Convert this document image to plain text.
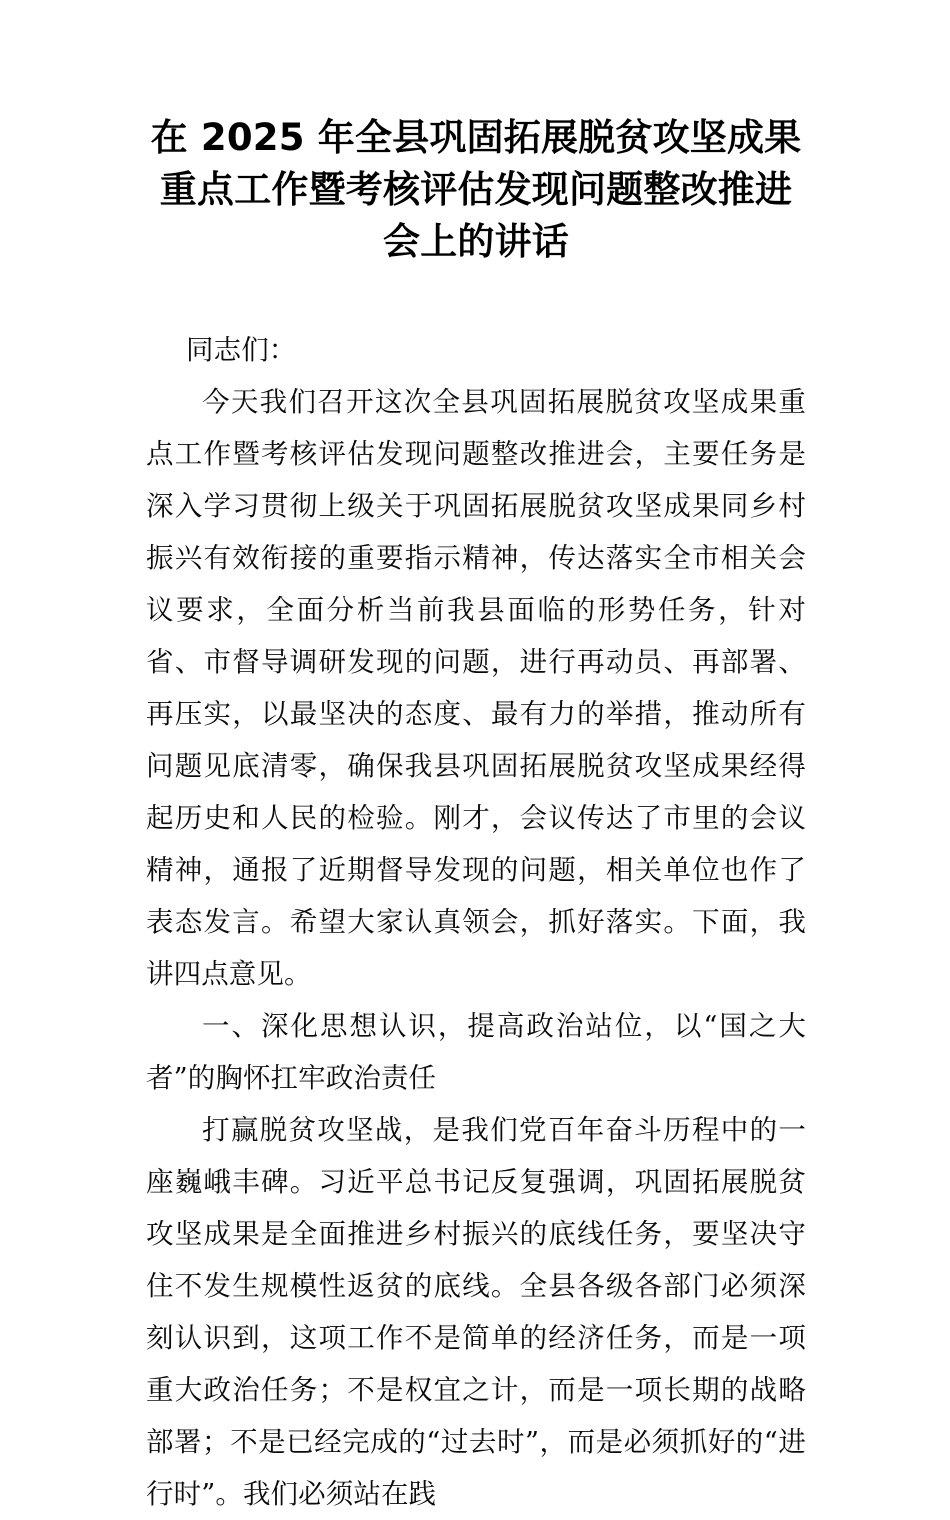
在 2025 年全县巩固拓展脱贫攻坚成果重点工作暨考核评估发现问题整改推进会上的讲话

同志们：

今天我们召开这次全县巩固拓展脱贫攻坚成果重点工作暨考核评估发现问题整改推进会，主要任务是深入学习贯彻上级关于巩固拓展脱贫攻坚成果同乡村振兴有效衔接的重要指示精神，传达落实全市相关会议要求，全面分析当前我县面临的形势任务，针对省、市督导调研发现的问题，进行再动员、再部署、再压实，以最坚决的态度、最有力的举措，推动所有问题见底清零，确保我县巩固拓展脱贫攻坚成果经得起历史和人民的检验。刚才，会议传达了市里的会议精神，通报了近期督导发现的问题，相关单位也作了表态发言。希望大家认真领会，抓好落实。下面，我讲四点意见。

一、深化思想认识，提高政治站位，以“国之大者”的胸怀扛牢政治责任

打赢脱贫攻坚战，是我们党百年奋斗历程中的一座巍峨丰碑。习近平总书记反复强调，巩固拓展脱贫攻坚成果是全面推进乡村振兴的底线任务，要坚决守住不发生规模性返贫的底线。全县各级各部门必须深刻认识到，这项工作不是简单的经济任务，而是一项重大政治任务；不是权宜之计，而是一项长期的战略部署；不是已经完成的“过去时”，而是必须抓好的“进行时”。我们必须站在践
